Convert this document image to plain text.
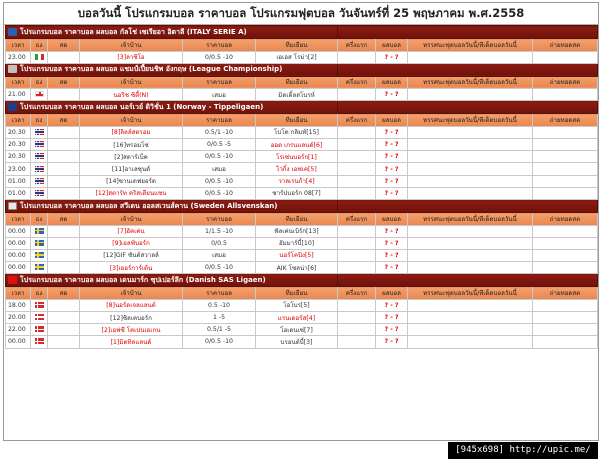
บอลวันนี้ โปรแกรมบอล ราคาบอล โปรแกรมฟุตบอล วันจันทร์ที่ 25 พฤษภาคม พ.ศ.2558
โปรแกรมบอล ราคาบอล ผลบอล กัลโช่ เซเรียอา อิตาลี (ITALY SERIE A)									
เวลา	ธง	สด	เจ้าบ้าน	ราคาบอล	ทีมเยือน	ครึ่งแรก	ผลบอล	ทรรศนะฟุตบอลวันนี้/ทีเด็ดบอลวันนี้	ถ่ายทอดสด
23.00			[3]ลาซิโอ	0/0.5 -10	เอเอส โรม่า[2]		? - ?		
โปรแกรมบอล ราคาบอล ผลบอล แชมป์เปี้ยนชิพ อังกฤษ (League Championship)									
เวลา	ธง	สด	เจ้าบ้าน	ราคาบอล	ทีมเยือน	ครึ่งแรก	ผลบอล	ทรรศนะฟุตบอลวันนี้/ทีเด็ดบอลวันนี้	ถ่ายทอดสด
21.00			นอริช ซิตี้(N)	เสมอ	มิดเดิ้ลสโบรห์		? - ?		
โปรแกรมบอล ราคาบอล ผลบอล นอร์เวย์ ดิวิชั่น 1 (Norway - Tippeligaen)									
เวลา	ธง	สด	เจ้าบ้าน	ราคาบอล	ทีมเยือน	ครึ่งแรก	ผลบอล	ทรรศนะฟุตบอลวันนี้/ทีเด็ดบอลวันนี้	ถ่ายทอดสด
20.30			[8]ลิลล์สตรอม	0.5/1 -10	โบโด กลิมท์[15]		? - ?		
20.30			[16]ทรอมโซ่	0/0.5 -5	ออด เกรนแลนด์[6]		? - ?		
20.30			[2]สตาร์เบ็ค	0/0.5 -10	โรเซ่นบอร์ก[1]		? - ?		
23.00			[11]อาเลซุนด์	เสมอ	ไวกิ้ง เอฟเค[5]		? - ?		
01.00			[14]ซานเดฟยอร์ด	0/0.5 -10	วาลเรนก้า[4]		? - ?		
01.00			[12]สตาร์ท คริสเตียนแซน	0/0.5 -10	ซาร์ปบอร์ก 08[7]		? - ?		
โปรแกรมบอล ราคาบอล ผลบอล สวีเดน ออลสเวนส์คาน (Sweden Allsvenskan)									
เวลา	ธง	สด	เจ้าบ้าน	ราคาบอล	ทีมเยือน	ครึ่งแรก	ผลบอล	ทรรศนะฟุตบอลวันนี้/ทีเด็ดบอลวันนี้	ถ่ายทอดสด
00.00			[7]ฮัคเค่น	1/1.5 -10	ฟัลเค่นเบิร์ก[13]		? - ?		
00.00			[9]เอลฟ์บอร์ก	0/0.5	ฮัมมาร์บี้[10]		? - ?		
00.00			[12]GIF ซันด์สวาลล์	เสมอ	นอร์โคปิง[5]		? - ?		
00.00			[3]เยอร์การ์เด้น	0/0.5 -10	AIK โซลน่า[6]		? - ?		
โปรแกรมบอล ราคาบอล ผลบอล เดนมาร์ก ซุปเปอร์ลีก (Danish SAS Ligaen)									
เวลา	ธง	สด	เจ้าบ้าน	ราคาบอล	ทีมเยือน	ครึ่งแรก	ผลบอล	ทรรศนะฟุตบอลวันนี้/ทีเด็ดบอลวันนี้	ถ่ายทอดสด
18.00			[8]นอร์ดเจลแลนด์	0.5 -10	โอโบร[5]		? - ?		
20.00			[12]ซิลเคบอร์ก	1 -5	แรนเดอร์ส[4]		? - ?		
22.00			[2]เอฟซี โคเปนเฮเกน	0.5/1 -5	โอเดนเซ่[7]		? - ?		
00.00			[1]มิดทิลแลนด์	0/0.5 -10	บรอนด์บี้[3]		? - ?		
[945x698] http://upic.me/
